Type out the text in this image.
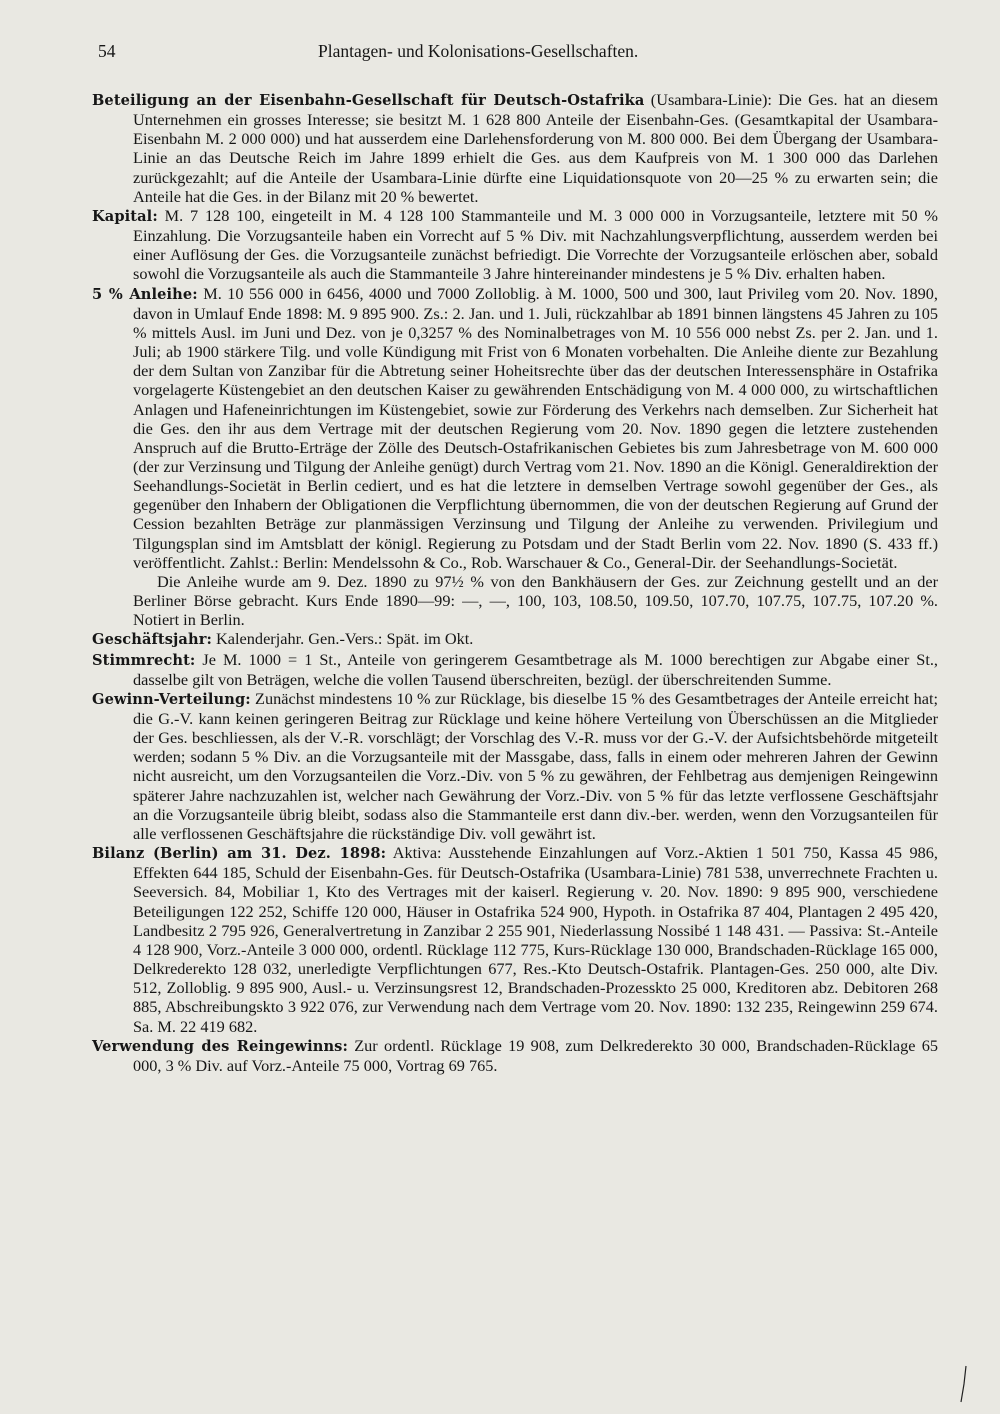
54	Plantagen- und Kolonisations-Gesellschaften.

Beteiligung an der Eisenbahn-Gesellschaft für Deutsch-Ostafrika (Usambara-Linie): Die Ges. hat an diesem Unternehmen ein grosses Interesse; sie besitzt M. 1 628 800 Anteile der Eisenbahn-Ges. (Gesamtkapital der Usambara-Eisenbahn M. 2 000 000) und hat ausserdem eine Darlehensforderung von M. 800 000. Bei dem Übergang der Usambara-Linie an das Deutsche Reich im Jahre 1899 erhielt die Ges. aus dem Kaufpreis von M. 1 300 000 das Darlehen zurückgezahlt; auf die Anteile der Usambara-Linie dürfte eine Liquidationsquote von 20—25 % zu erwarten sein; die Anteile hat die Ges. in der Bilanz mit 20 % bewertet.

Kapital: M. 7 128 100, eingeteilt in M. 4 128 100 Stammanteile und M. 3 000 000 in Vorzugsanteile, letztere mit 50 % Einzahlung. Die Vorzugsanteile haben ein Vorrecht auf 5 % Div. mit Nachzahlungsverpflichtung, ausserdem werden bei einer Auflösung der Ges. die Vorzugsanteile zunächst befriedigt. Die Vorrechte der Vorzugsanteile erlöschen aber, sobald sowohl die Vorzugsanteile als auch die Stammanteile 3 Jahre hintereinander mindestens je 5 % Div. erhalten haben.

5 % Anleihe: M. 10 556 000 in 6456, 4000 und 7000 Zolloblig. à M. 1000, 500 und 300, laut Privileg vom 20. Nov. 1890, davon in Umlauf Ende 1898: M. 9 895 900. Zs.: 2. Jan. und 1. Juli, rückzahlbar ab 1891 binnen längstens 45 Jahren zu 105 % mittels Ausl. im Juni und Dez. von je 0,3257 % des Nominalbetrages von M. 10 556 000 nebst Zs. per 2. Jan. und 1. Juli; ab 1900 stärkere Tilg. und volle Kündigung mit Frist von 6 Monaten vorbehalten. Die Anleihe diente zur Bezahlung der dem Sultan von Zanzibar für die Abtretung seiner Hoheitsrechte über das der deutschen Interessensphäre in Ostafrika vorgelagerte Küstengebiet an den deutschen Kaiser zu gewährenden Entschädigung von M. 4 000 000, zu wirtschaftlichen Anlagen und Hafeneinrichtungen im Küstengebiet, sowie zur Förderung des Verkehrs nach demselben. Zur Sicherheit hat die Ges. den ihr aus dem Vertrage mit der deutschen Regierung vom 20. Nov. 1890 gegen die letztere zustehenden Anspruch auf die Brutto-Erträge der Zölle des Deutsch-Ostafrikanischen Gebietes bis zum Jahresbetrage von M. 600 000 (der zur Verzinsung und Tilgung der Anleihe genügt) durch Vertrag vom 21. Nov. 1890 an die Königl. Generaldirektion der Seehandlungs-Societät in Berlin cediert, und es hat die letztere in demselben Vertrage sowohl gegenüber der Ges., als gegenüber den Inhabern der Obligationen die Verpflichtung übernommen, die von der deutschen Regierung auf Grund der Cession bezahlten Beträge zur planmässigen Verzinsung und Tilgung der Anleihe zu verwenden. Privilegium und Tilgungsplan sind im Amtsblatt der königl. Regierung zu Potsdam und der Stadt Berlin vom 22. Nov. 1890 (S. 433 ff.) veröffentlicht. Zahlst.: Berlin: Mendelssohn & Co., Rob. Warschauer & Co., General-Dir. der Seehandlungs-Societät.

Die Anleihe wurde am 9. Dez. 1890 zu 97½ % von den Bankhäusern der Ges. zur Zeichnung gestellt und an der Berliner Börse gebracht. Kurs Ende 1890—99: —, —, 100, 103, 108.50, 109.50, 107.70, 107.75, 107.75, 107.20 %. Notiert in Berlin.

Geschäftsjahr: Kalenderjahr. Gen.-Vers.: Spät. im Okt.

Stimmrecht: Je M. 1000 = 1 St., Anteile von geringerem Gesamtbetrage als M. 1000 berechtigen zur Abgabe einer St., dasselbe gilt von Beträgen, welche die vollen Tausend überschreiten, bezügl. der überschreitenden Summe.

Gewinn-Verteilung: Zunächst mindestens 10 % zur Rücklage, bis dieselbe 15 % des Gesamtbetrages der Anteile erreicht hat; die G.-V. kann keinen geringeren Beitrag zur Rücklage und keine höhere Verteilung von Überschüssen an die Mitglieder der Ges. beschliessen, als der V.-R. vorschlägt; der Vorschlag des V.-R. muss vor der G.-V. der Aufsichtsbehörde mitgeteilt werden; sodann 5 % Div. an die Vorzugsanteile mit der Massgabe, dass, falls in einem oder mehreren Jahren der Gewinn nicht ausreicht, um den Vorzugsanteilen die Vorz.-Div. von 5 % zu gewähren, der Fehlbetrag aus demjenigen Reingewinn späterer Jahre nachzuzahlen ist, welcher nach Gewährung der Vorz.-Div. von 5 % für das letzte verflossene Geschäftsjahr an die Vorzugsanteile übrig bleibt, sodass also die Stammanteile erst dann div.-ber. werden, wenn den Vorzugsanteilen für alle verflossenen Geschäftsjahre die rückständige Div. voll gewährt ist.

Bilanz (Berlin) am 31. Dez. 1898: Aktiva: Ausstehende Einzahlungen auf Vorz.-Aktien 1 501 750, Kassa 45 986, Effekten 644 185, Schuld der Eisenbahn-Ges. für Deutsch-Ostafrika (Usambara-Linie) 781 538, unverrechnete Frachten u. Seeversich. 84, Mobiliar 1, Kto des Vertrages mit der kaiserl. Regierung v. 20. Nov. 1890: 9 895 900, verschiedene Beteiligungen 122 252, Schiffe 120 000, Häuser in Ostafrika 524 900, Hypoth. in Ostafrika 87 404, Plantagen 2 495 420, Landbesitz 2 795 926, Generalvertretung in Zanzibar 2 255 901, Niederlassung Nossibé 1 148 431. — Passiva: St.-Anteile 4 128 900, Vorz.-Anteile 3 000 000, ordentl. Rücklage 112 775, Kurs-Rücklage 130 000, Brandschaden-Rücklage 165 000, Delkrederekto 128 032, unerledigte Verpflichtungen 677, Res.-Kto Deutsch-Ostafrik. Plantagen-Ges. 250 000, alte Div. 512, Zolloblig. 9 895 900, Ausl.- u. Verzinsungsrest 12, Brandschaden-Prozesskto 25 000, Kreditoren abz. Debitoren 268 885, Abschreibungskto 3 922 076, zur Verwendung nach dem Vertrage vom 20. Nov. 1890: 132 235, Reingewinn 259 674. Sa. M. 22 419 682.

Verwendung des Reingewinns: Zur ordentl. Rücklage 19 908, zum Delkrederekto 30 000, Brandschaden-Rücklage 65 000, 3 % Div. auf Vorz.-Anteile 75 000, Vortrag 69 765.
